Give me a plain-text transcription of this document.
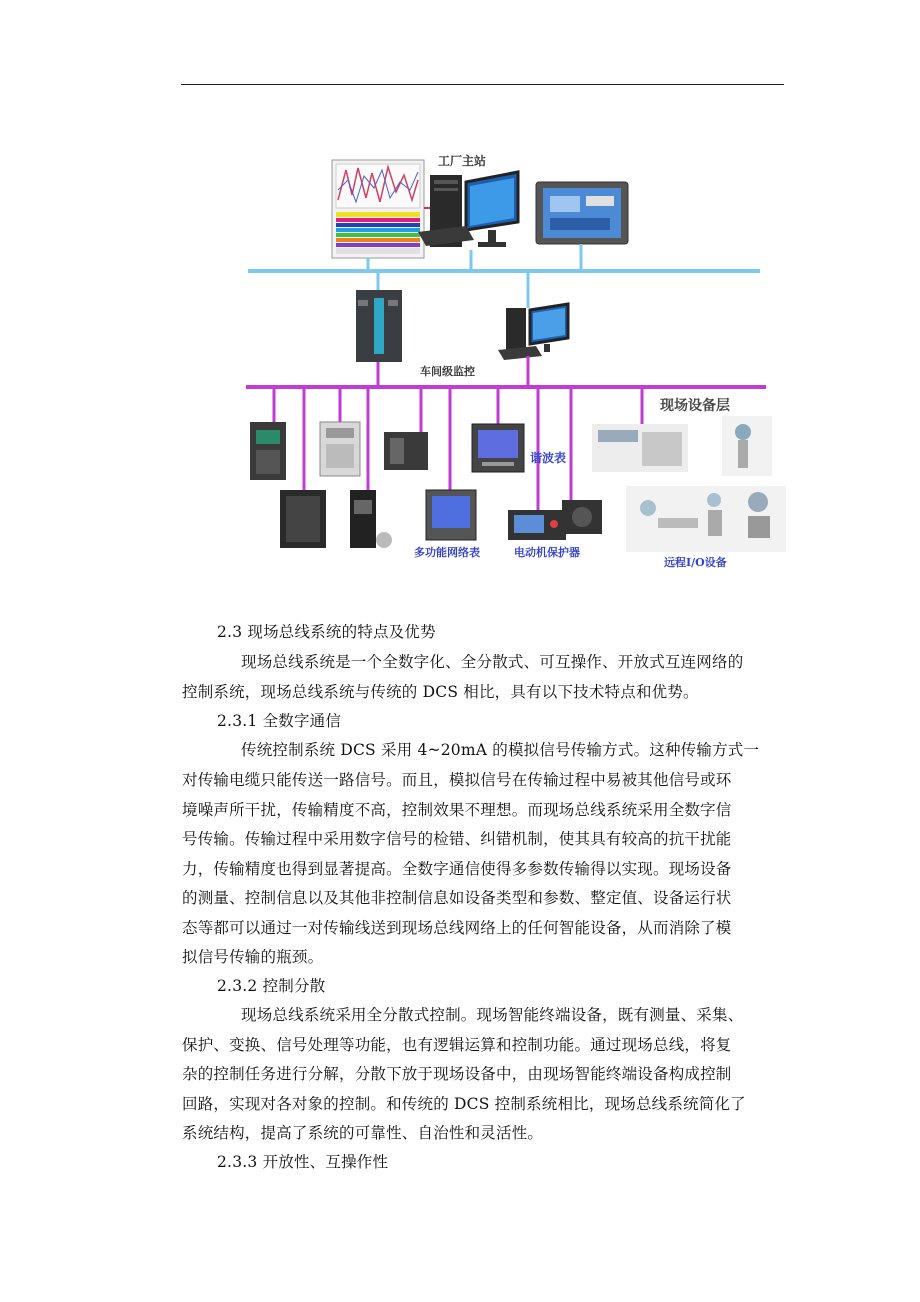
工厂主站
车间级监控
现场设备层
谐波表
多功能网络表	电动机保护器
远程I/O设备
2.3 现场总线系统的特点及优势
现场总线系统是一个全数字化、全分散式、可互操作、开放式互连网络的
控制系统，现场总线系统与传统的 DCS 相比，具有以下技术特点和优势。
2.3.1 全数字通信
传统控制系统 DCS 采用 4~20mA 的模拟信号传输方式。这种传输方式一
对传输电缆只能传送一路信号。而且，模拟信号在传输过程中易被其他信号或环
境噪声所干扰，传输精度不高，控制效果不理想。而现场总线系统采用全数字信
号传输。传输过程中采用数字信号的检错、纠错机制，使其具有较高的抗干扰能
力，传输精度也得到显著提高。全数字通信使得多参数传输得以实现。现场设备
的测量、控制信息以及其他非控制信息如设备类型和参数、整定值、设备运行状
态等都可以通过一对传输线送到现场总线网络上的任何智能设备，从而消除了模
拟信号传输的瓶颈。
2.3.2 控制分散
现场总线系统采用全分散式控制。现场智能终端设备，既有测量、采集、
保护、变换、信号处理等功能，也有逻辑运算和控制功能。通过现场总线，将复
杂的控制任务进行分解，分散下放于现场设备中，由现场智能终端设备构成控制
回路，实现对各对象的控制。和传统的 DCS 控制系统相比，现场总线系统简化了
系统结构，提高了系统的可靠性、自治性和灵活性。
2.3.3 开放性、互操作性
